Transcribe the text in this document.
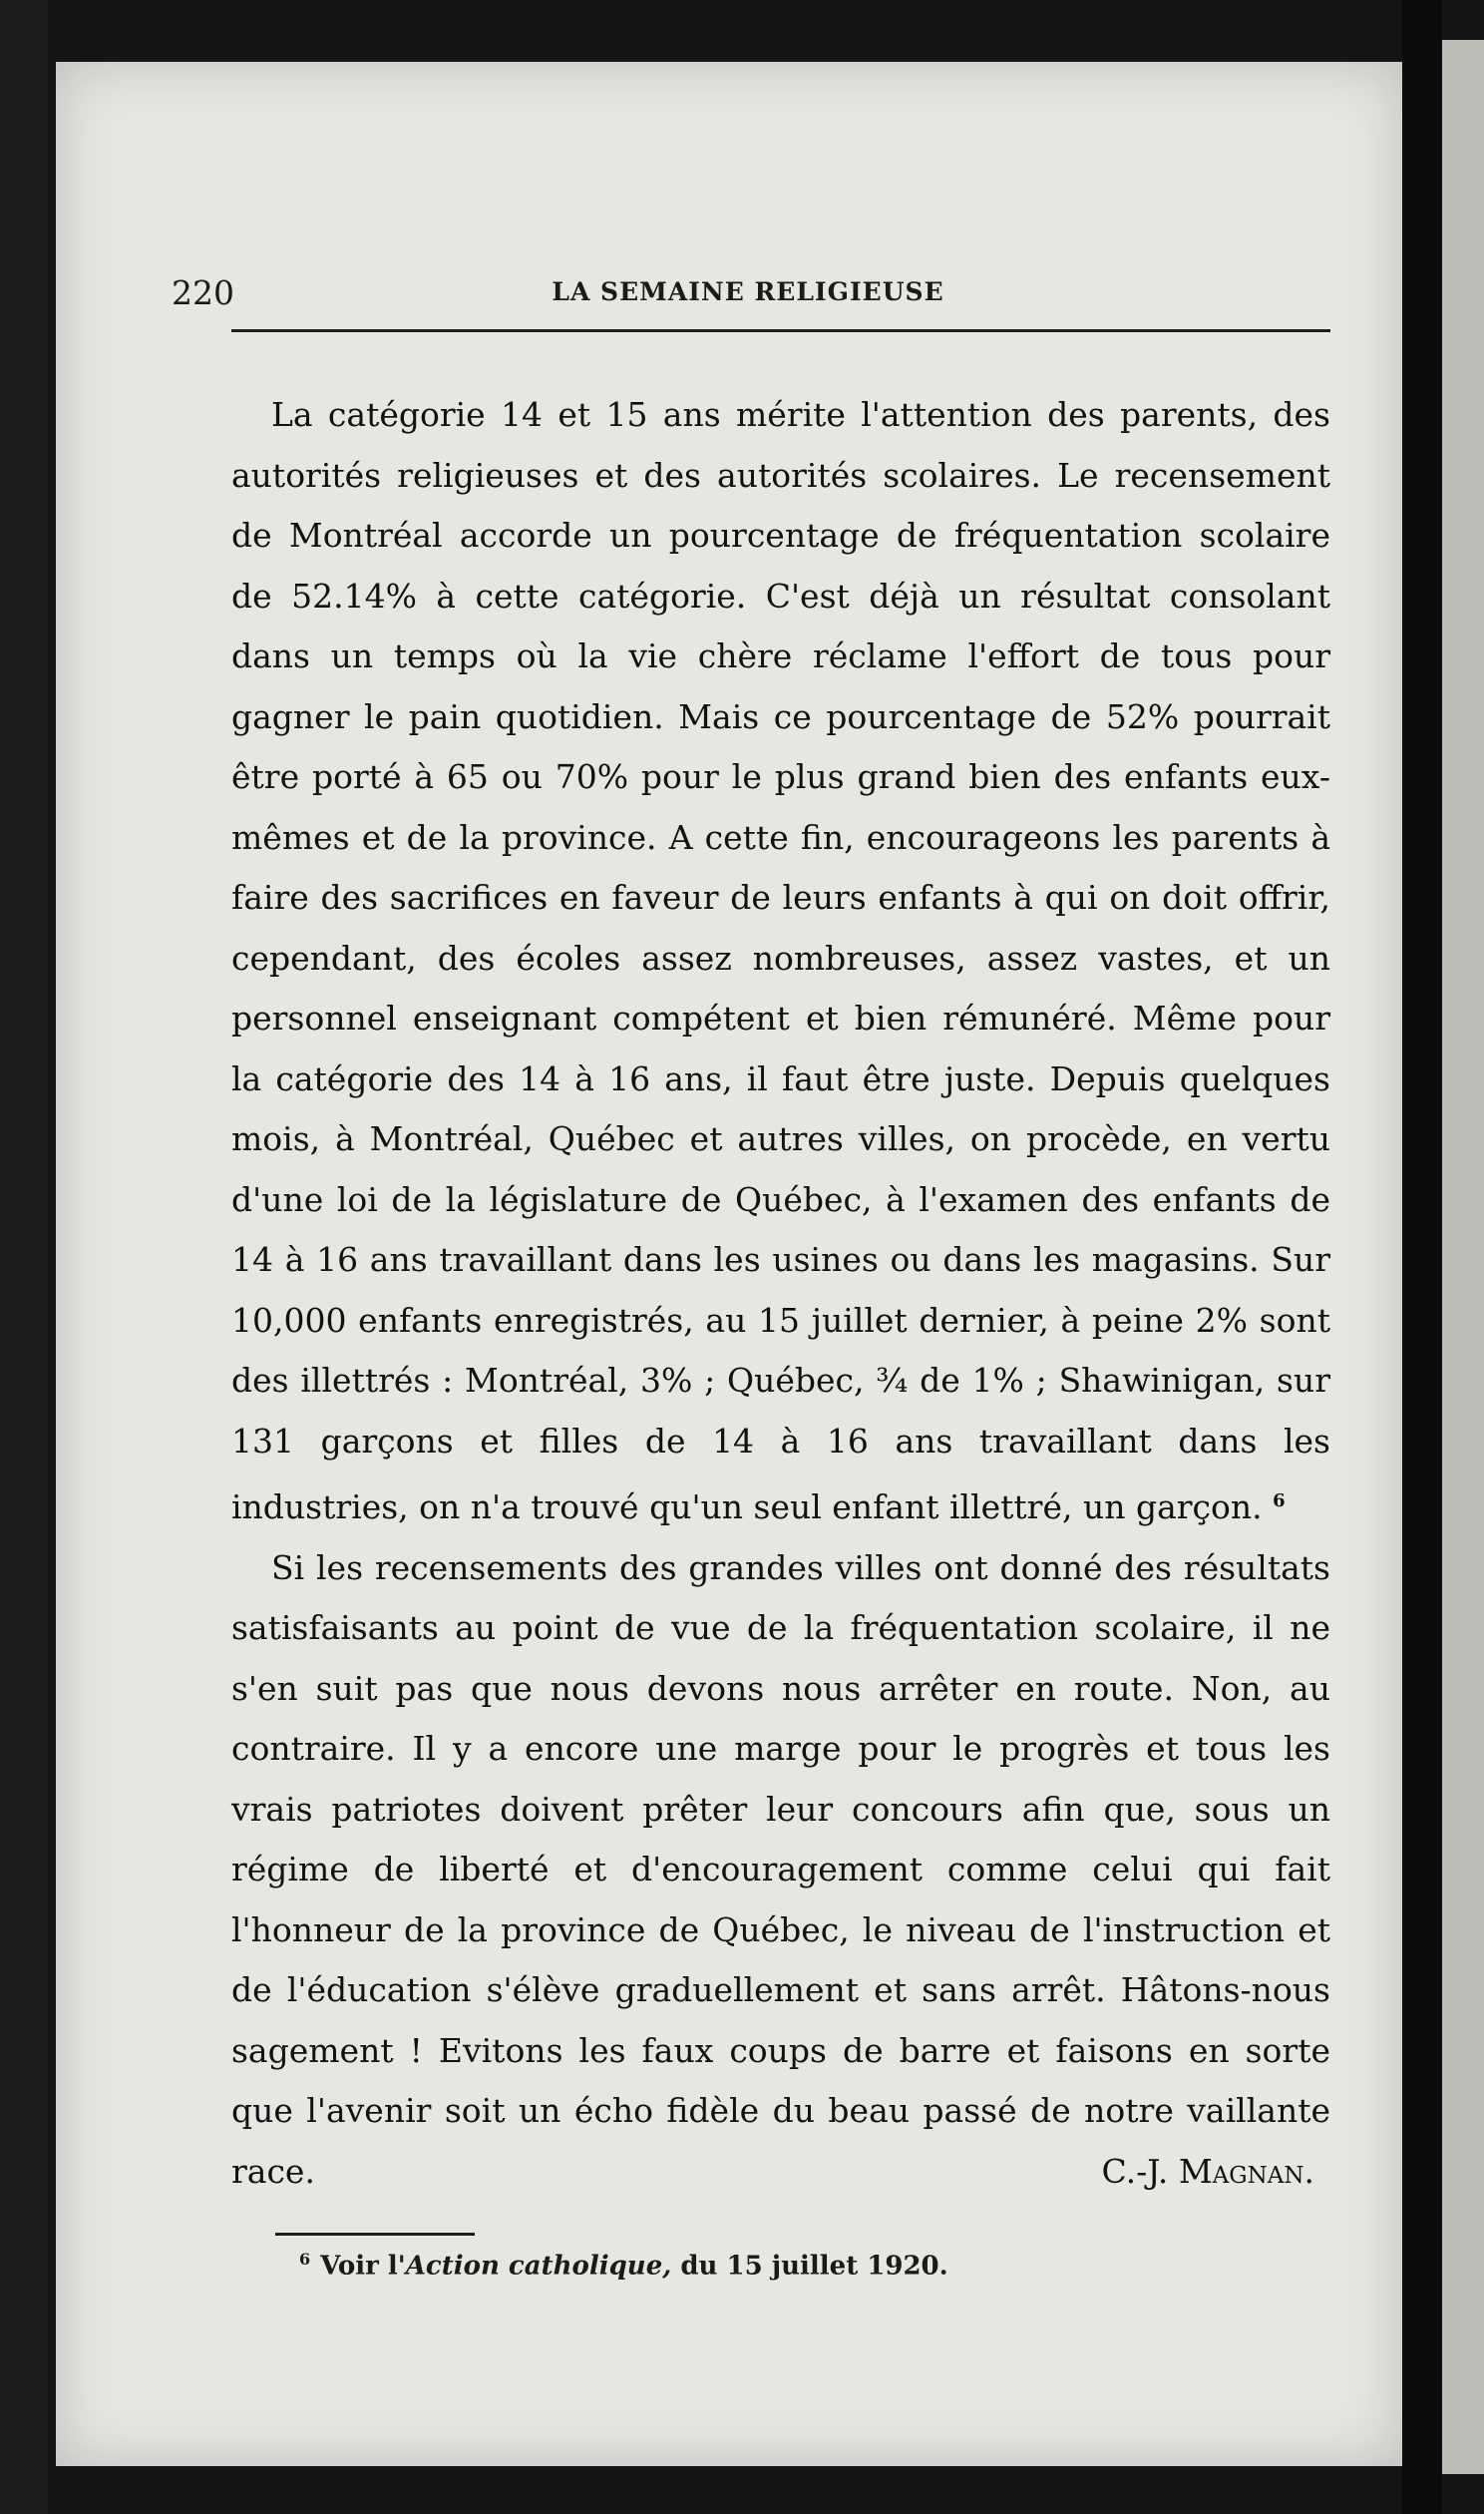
220	LA SEMAINE RELIGIEUSE

La catégorie 14 et 15 ans mérite l'attention des parents, des autorités religieuses et des autorités scolaires. Le recensement de Montréal accorde un pourcentage de fréquentation scolaire de 52.14% à cette catégorie. C'est déjà un résultat consolant dans un temps où la vie chère réclame l'effort de tous pour gagner le pain quotidien. Mais ce pourcentage de 52% pourrait être porté à 65 ou 70% pour le plus grand bien des enfants eux-mêmes et de la province. A cette fin, encourageons les parents à faire des sacrifices en faveur de leurs enfants à qui on doit offrir, cependant, des écoles assez nombreuses, assez vastes, et un personnel enseignant compétent et bien rémunéré. Même pour la catégorie des 14 à 16 ans, il faut être juste. Depuis quelques mois, à Montréal, Québec et autres villes, on procède, en vertu d'une loi de la législature de Québec, à l'examen des enfants de 14 à 16 ans travaillant dans les usines ou dans les magasins. Sur 10,000 enfants enregistrés, au 15 juillet dernier, à peine 2% sont des illettrés : Montréal, 3% ; Québec, ¾ de 1% ; Shawinigan, sur 131 garçons et filles de 14 à 16 ans travaillant dans les industries, on n'a trouvé qu'un seul enfant illettré, un garçon. $^6$

Si les recensements des grandes villes ont donné des résultats satisfaisants au point de vue de la fréquentation scolaire, il ne s'en suit pas que nous devons nous arrêter en route. Non, au contraire. Il y a encore une marge pour le progrès et tous les vrais patriotes doivent prêter leur concours afin que, sous un régime de liberté et d'encouragement comme celui qui fait l'honneur de la province de Québec, le niveau de l'instruction et de l'éducation s'élève graduellement et sans arrêt. Hâtons-nous sagement ! Evitons les faux coups de barre et faisons en sorte que l'avenir soit un écho fidèle du beau passé de notre vaillante race.	C.-J. Magnan.
$^6$ Voir l'Action catholique, du 15 juillet 1920.
